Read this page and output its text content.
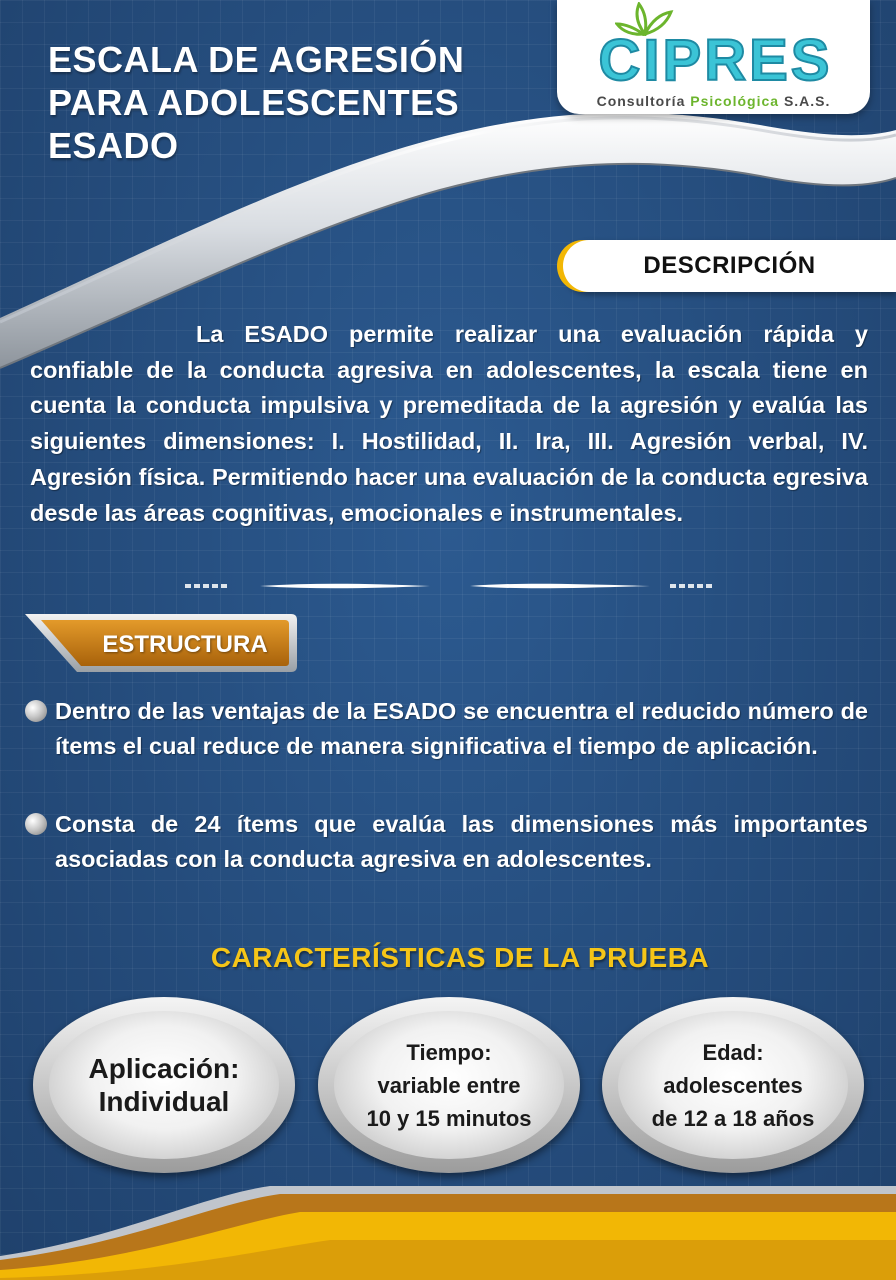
ESCALA DE AGRESIÓN
PARA ADOLESCENTES
ESADO
CIPRES
Consultoría Psicológica S.A.S.
DESCRIPCIÓN

La ESADO permite realizar una evaluación rápida y confiable de la conducta agresiva en adolescentes, la escala tiene en cuenta la conducta impulsiva y premeditada de la agresión y evalúa las siguientes dimensiones: I. Hostilidad, II. Ira, III. Agresión verbal, IV. Agresión física. Permitiendo hacer una evaluación de la conducta egresiva desde las áreas cognitivas, emocionales e instrumentales.

ESTRUCTURA

Dentro de las ventajas de la ESADO se encuentra el reducido número de ítems el cual reduce de manera significativa el tiempo de aplicación.

Consta de 24 ítems que evalúa las dimensiones más importantes asociadas con la conducta agresiva en adolescentes.

CARACTERÍSTICAS DE LA PRUEBA
Aplicación:
Individual
Tiempo:
variable entre
10 y 15 minutos
Edad:
adolescentes
de 12 a 18 años
